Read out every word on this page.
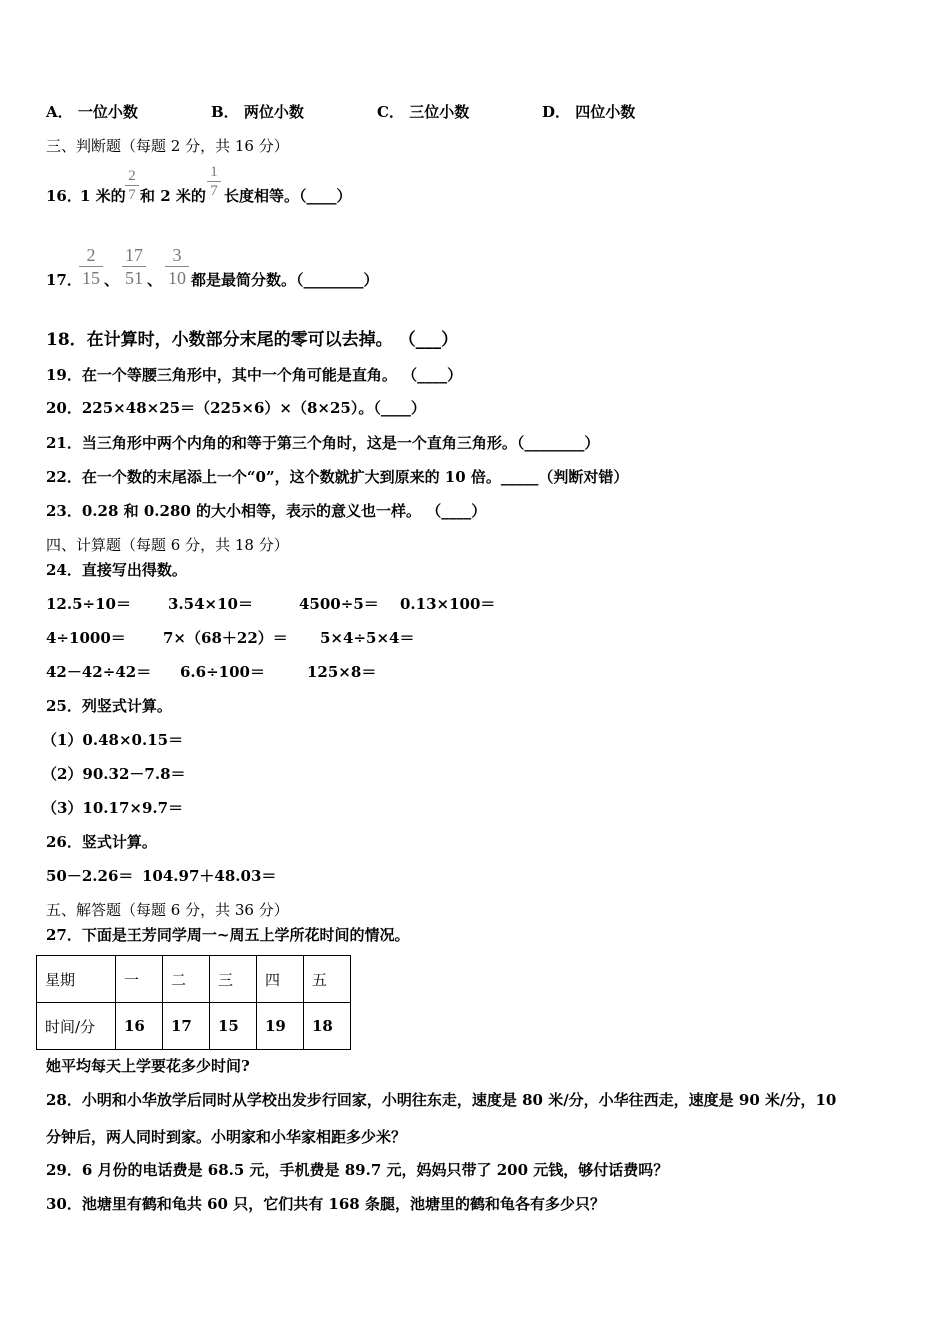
A． 一位小数	B． 两位小数	C． 三位小数	D． 四位小数
三、判断题（每题 2 分，共 16 分）
16．
1 米的 $\frac{2}{7}$ 和 2 米的 $\frac{1}{7}$ 长度相等。（____）
17．
$\frac{2}{15}$ 、 $\frac{17}{51}$ 、 $\frac{3}{10}$ 都是最简分数。（________）
18．在计算时，小数部分末尾的零可以去掉。 （___）
19．在一个等腰三角形中，其中一个角可能是直角。 （____）
20．225×48×25＝（225×6）×（8×25）。（____）
21．当三角形中两个内角的和等于第三个角时，这是一个直角三角形。（________）
22．在一个数的末尾添上一个“0”，这个数就扩大到原来的 10 倍。_____（判断对错）
23．0.28 和 0.280 的大小相等，表示的意义也一样。 （____）
四、计算题（每题 6 分，共 18 分）
24．直接写出得数。
12.5÷10＝ 3.54×10＝	4500÷5＝ 0.13×100＝
4÷1000＝ 7×（68＋22）＝ 5×4÷5×4＝
42－42÷42＝ 6.6÷100＝	125×8＝
25．列竖式计算。
（1）0.48×0.15＝
（2）90.32－7.8＝
（3）10.17×9.7＝
26．竖式计算。
50－2.26＝ 104.97＋48.03＝
五、解答题（每题 6 分，共 36 分）
27．下面是王芳同学周一~周五上学所花时间的情况。
星期	一	二	三	四	五
时间/分	16	17	15	19	18
她平均每天上学要花多少时间?
28．小明和小华放学后同时从学校出发步行回家，小明往东走，速度是 80 米/分，小华往西走，速度是 90 米/分，10
分钟后，两人同时到家。小明家和小华家相距多少米？
29．6 月份的电话费是 68.5 元，手机费是 89.7 元，妈妈只带了 200 元钱，够付话费吗？
30．池塘里有鹤和龟共 60 只，它们共有 168 条腿，池塘里的鹤和龟各有多少只？
